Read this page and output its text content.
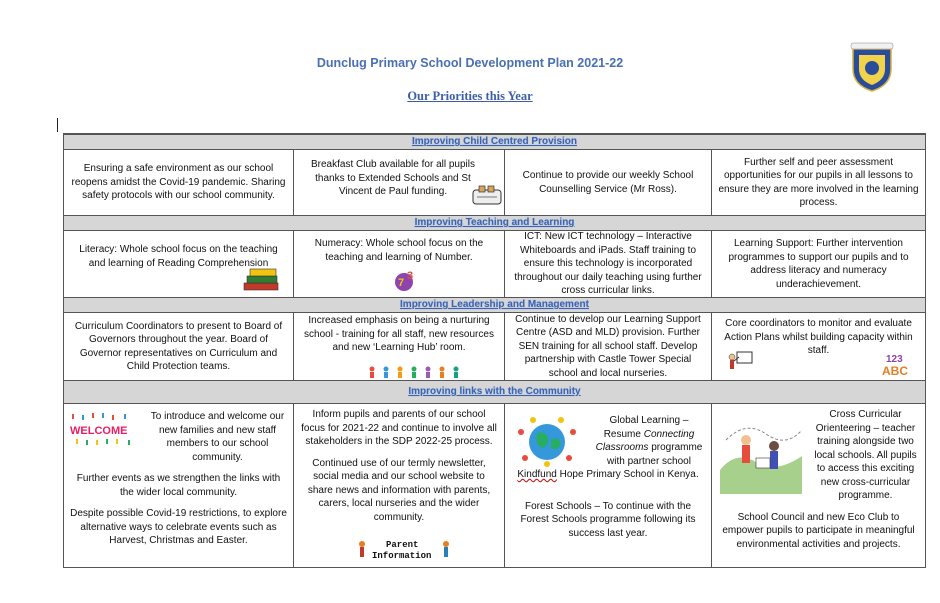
Dunclug Primary School Development Plan 2021-22
Our Priorities this Year
Improving Child Centred Provision

Ensuring a safe environment as our school reopens amidst the Covid-19 pandemic. Sharing safety protocols with our school community.

Breakfast Club available for all pupils thanks to Extended Schools and St Vincent de Paul funding.

Continue to provide our weekly School Counselling Service (Mr Ross).

Further self and peer assessment opportunities for our pupils in all lessons to ensure they are more involved in the learning process.

Improving Teaching and Learning

Literacy: Whole school focus on the teaching and learning of Reading Comprehension

Numeracy: Whole school focus on the teaching and learning of Number.

7
3

ICT: New ICT technology – Interactive Whiteboards and iPads. Staff training to ensure this technology is incorporated throughout our daily teaching using further cross curricular links.

Learning Support: Further intervention programmes to support our pupils and to address literacy and numeracy underachievement.

Improving Leadership and Management

Curriculum Coordinators to present to Board of Governors throughout the year. Board of Governor representatives on Curriculum and Child Protection teams.

Increased emphasis on being a nurturing school - training for all staff, new resources and new ‘Learning Hub’ room.

Continue to develop our Learning Support Centre (ASD and MLD) provision. Further SEN training for all school staff. Develop partnership with Castle Tower Special school and local nurseries.

Core coordinators to monitor and evaluate Action Plans whilst building capacity within staff.

123
ABC
Improving links with the Community
WELCOME

To introduce and welcome our new families and new staff members to our school community.

Further events as we strengthen the links with the wider local community.

Despite possible Covid-19 restrictions, to explore alternative ways to celebrate events such as Harvest, Christmas and Easter.

Inform pupils and parents of our school focus for 2021-22 and continue to involve all stakeholders in the SDP 2022-25 process.

Continued use of our termly newsletter, social media and our school website to share news and information with parents, carers, local nurseries and the wider community.

Parent
Information

Global Learning – Resume Connecting Classrooms programme with partner school

Kindfund Hope Primary School in Kenya.

Forest Schools – To continue with the Forest Schools programme following its success last year.

Cross Curricular Orienteering – teacher training alongside two local schools. All pupils to access this exciting new cross-curricular programme.

School Council and new Eco Club to empower pupils to participate in meaningful environmental activities and projects.
